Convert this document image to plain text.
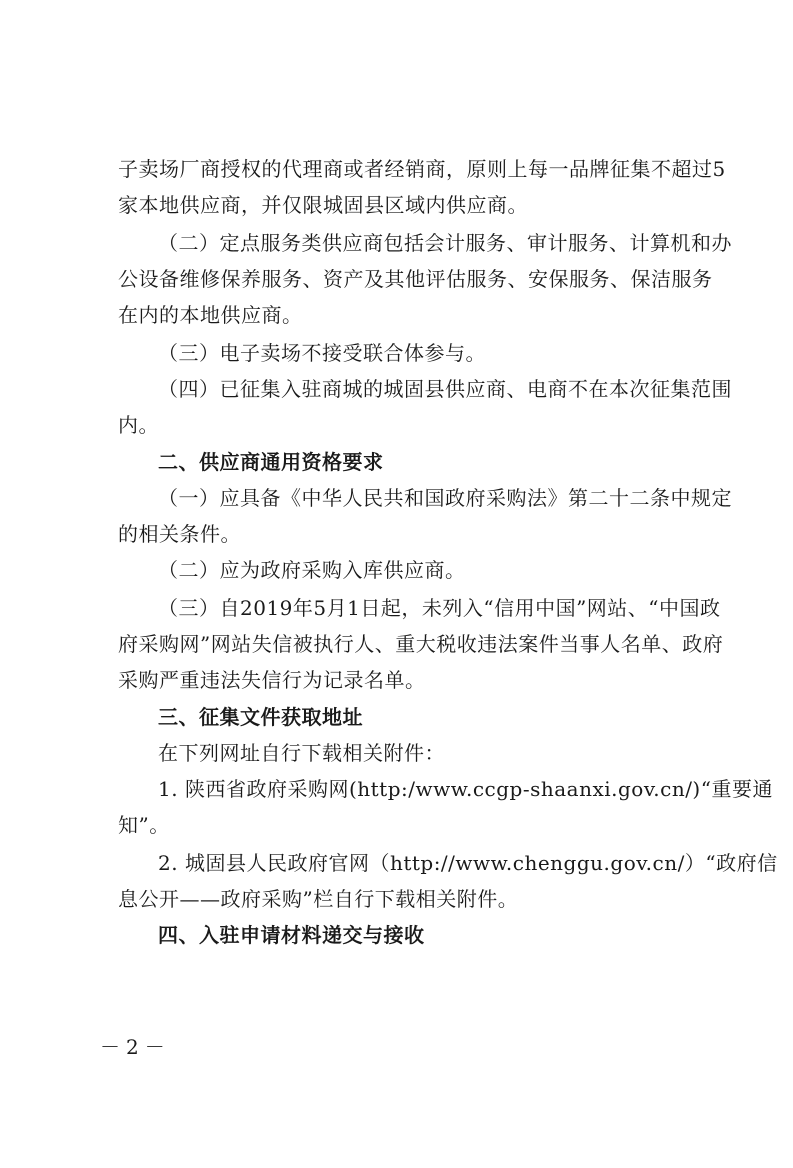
子卖场厂商授权的代理商或者经销商，原则上每一品牌征集不超过5
家本地供应商，并仅限城固县区域内供应商。
（二）定点服务类供应商包括会计服务、审计服务、计算机和办
公设备维修保养服务、资产及其他评估服务、安保服务、保洁服务
在内的本地供应商。
（三）电子卖场不接受联合体参与。
（四）已征集入驻商城的城固县供应商、电商不在本次征集范围
内。
二、供应商通用资格要求
（一）应具备《中华人民共和国政府采购法》第二十二条中规定
的相关条件。
（二）应为政府采购入库供应商。
（三）自2019年5月1日起，未列入“信用中国”网站、“中国政
府采购网”网站失信被执行人、重大税收违法案件当事人名单、政府
采购严重违法失信行为记录名单。
三、征集文件获取地址
在下列网址自行下载相关附件：
1. 陕西省政府采购网(http:/www.ccgp-shaanxi.gov.cn/)“重要通
知”。
2. 城固县人民政府官网（http://www.chenggu.gov.cn/）“政府信
息公开——政府采购”栏自行下载相关附件。
四、入驻申请材料递交与接收
－2－
